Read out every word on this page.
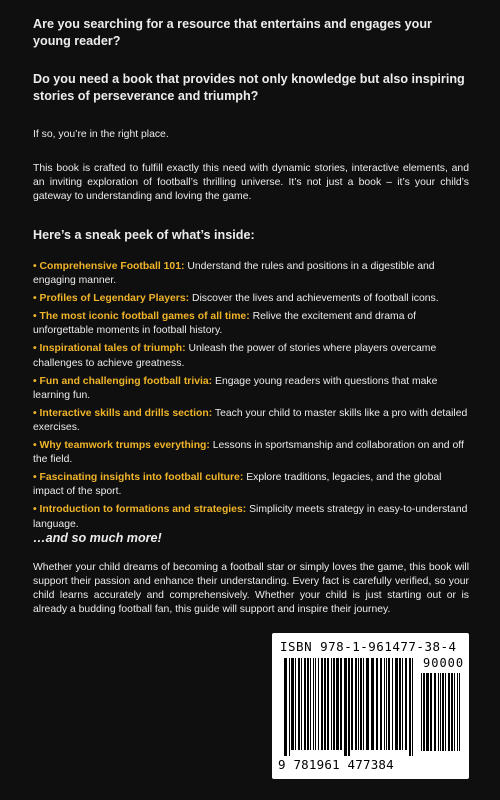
Are you searching for a resource that entertains and engages your young reader?

Do you need a book that provides not only knowledge but also inspiring stories of perseverance and triumph?

If so, you’re in the right place.

This book is crafted to fulfill exactly this need with dynamic stories, interactive elements, and an inviting exploration of football’s thrilling universe. It’s not just a book – it’s your child’s gateway to understanding and loving the game.

Here’s a sneak peek of what’s inside:

• Comprehensive Football 101: Understand the rules and positions in a digestible and engaging manner.
• Profiles of Legendary Players: Discover the lives and achievements of football icons.
• The most iconic football games of all time: Relive the excitement and drama of unforgettable moments in football history.
• Inspirational tales of triumph: Unleash the power of stories where players overcame challenges to achieve greatness.
• Fun and challenging football trivia: Engage young readers with questions that make learning fun.
• Interactive skills and drills section: Teach your child to master skills like a pro with detailed exercises.
• Why teamwork trumps everything: Lessons in sportsmanship and collaboration on and off the field.
• Fascinating insights into football culture: Explore traditions, legacies, and the global impact of the sport.
• Introduction to formations and strategies: Simplicity meets strategy in easy-to-understand language.

…and so much more!

Whether your child dreams of becoming a football star or simply loves the game, this book will support their passion and enhance their understanding. Every fact is carefully verified, so your child learns accurately and comprehensively. Whether your child is just starting out or is already a budding football fan, this guide will support and inspire their journey.

ISBN 978-1-961477-38-4
90000
9 781961 477384
